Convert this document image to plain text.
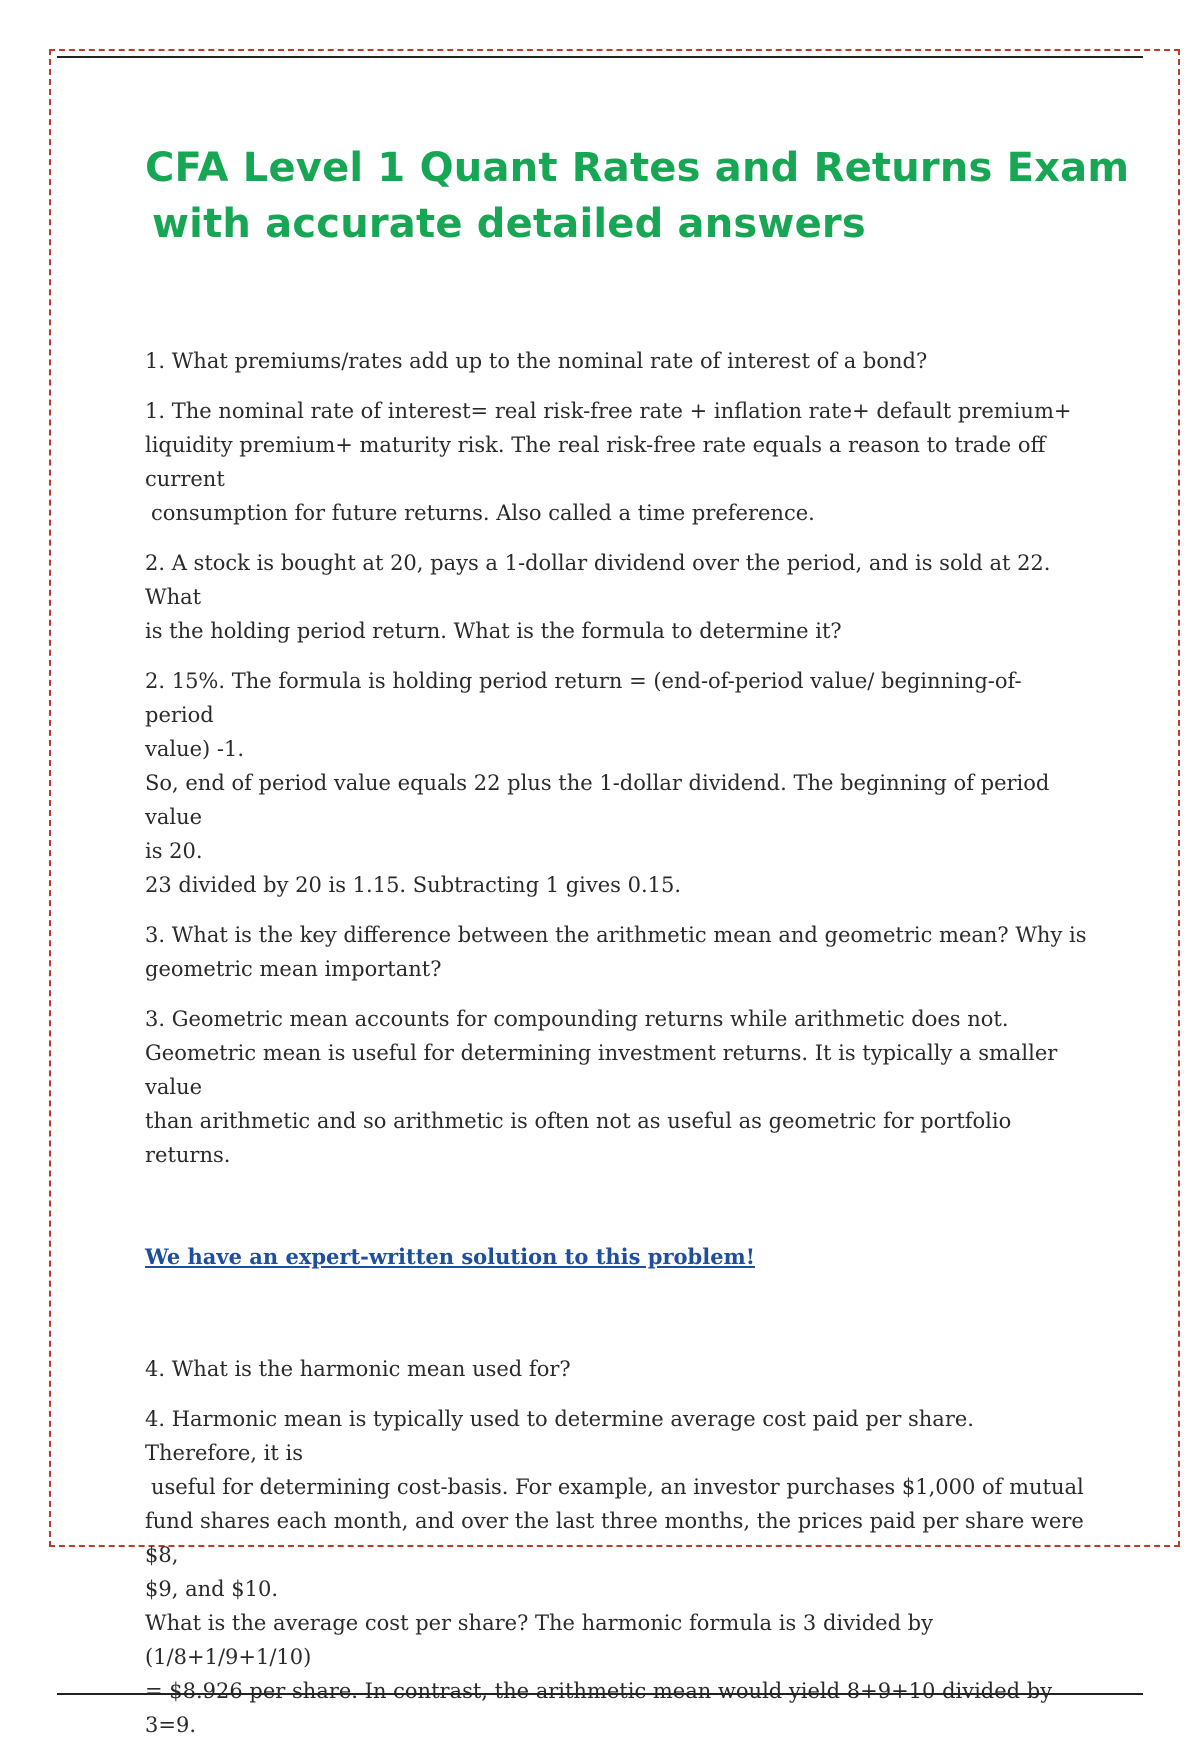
CFA Level 1 Quant Rates and Returns Exam
with accurate detailed answers

1. What premiums/rates add up to the nominal rate of interest of a bond?

1. The nominal rate of interest= real risk-free rate + inflation rate+ default premium+
liquidity premium+ maturity risk. The real risk-free rate equals a reason to trade off current
consumption for future returns. Also called a time preference.

2. A stock is bought at 20, pays a 1-dollar dividend over the period, and is sold at 22. What
is the holding period return. What is the formula to determine it?

2. 15%. The formula is holding period return = (end-of-period value/ beginning-of-period
value) -1.
So, end of period value equals 22 plus the 1-dollar dividend. The beginning of period value
is 20.
23 divided by 20 is 1.15. Subtracting 1 gives 0.15.

3. What is the key difference between the arithmetic mean and geometric mean? Why is
geometric mean important?

3. Geometric mean accounts for compounding returns while arithmetic does not.
Geometric mean is useful for determining investment returns. It is typically a smaller value
than arithmetic and so arithmetic is often not as useful as geometric for portfolio returns.

We have an expert-written solution to this problem!

4. What is the harmonic mean used for?

4. Harmonic mean is typically used to determine average cost paid per share. Therefore, it is
useful for determining cost-basis. For example, an investor purchases $1,000 of mutual
fund shares each month, and over the last three months, the prices paid per share were $8,
$9, and $10.
What is the average cost per share? The harmonic formula is 3 divided by (1/8+1/9+1/10)
= $8.926 per share. In contrast, the arithmetic mean would yield 8+9+10 divided by 3=9.
